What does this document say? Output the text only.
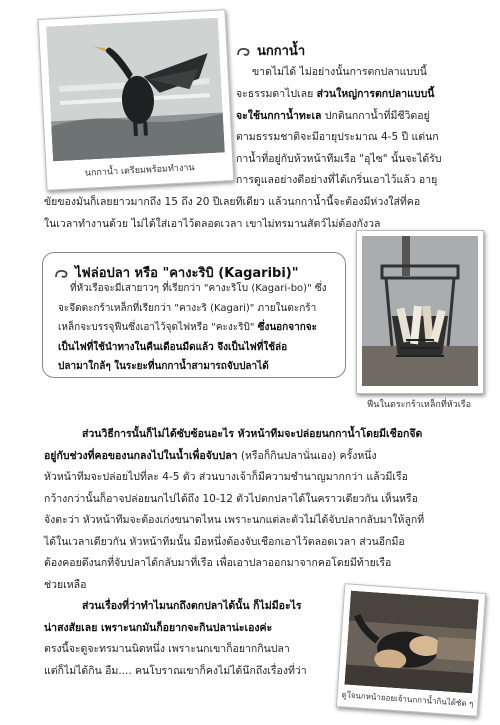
นกกาน้ำ เตรียมพร้อมทำงาน
นกกาน้ำ
ขาดไม่ได้ ไม่อย่างนั้นการตกปลาแบบนี้
จะธรรมดาไปเลย ส่วนใหญ่การตกปลาแบบนี้
จะใช้นกกาน้ำทะเล ปกตินกกาน้ำที่มีชีวิตอยู่
ตามธรรมชาติจะมีอายุประมาณ 4-5 ปี แต่นก
กาน้ำที่อยู่กับห้วหน้าทีมเรือ "อุไซ" นั้นจะได้รับ
การดูแลอย่างดีอย่างที่ได้เกริ่นเอาไว้แล้ว อายุ
ขัยของมันก็เลยยาวมากถึง 15 ถึง 20 ปีเลยทีเดียว แล้วนกกาน้ำนี้จะต้องมีห่วงใส่ที่คอ
ในเวลาทำงานด้วย ไม่ได้ใส่เอาไว้ตลอดเวลา เขาไม่ทรมานสัตว์ไม่ต้องกังวล
ไฟล่อปลา หรือ "คางะริบิ (Kagaribi)"
ที่หัวเรือจะมีเสายาวๆ ที่เรียกว่า "คางะริโบ (Kagari-bo)" ซึ่ง
จะจึดตะกร้าเหล็กที่เรียกว่า "คางะริ (Kagari)" ภายในตะกร้า
เหล็กจะบรรจุฟืนซึ่งเอาไว้จุดไฟหรือ "คะงะริบิ" ซึ่งนอกจากจะ
เป็นไฟที่ใช้นำทางในคืนเดือนมืดแล้ว จึงเป็นไฟที่ใช้ล่อ
ปลามาใกล้ๆ ในระยะที่นกกาน้ำสามารถจับปลาได้
ฟืนในตระกร้าเหล็กที่หัวเรือ
ส่วนวิธีการนั้นก็ไม่ได้ซับซ้อนอะไร หัวหน้าทีมจะปล่อยนกกาน้ำโดยมีเชือกจึด
อยู่กับช่วงที่คอของนกลงไปในน้ำเพื่อจับปลา (หรือก็กินปลานั่นเอง) ครั้งหนึ่ง
หัวหน้าทีมจะปล่อยไปที่ละ 4-5 ตัว ส่วนบางเจ้าก็มีความชำนาญมากกว่า แล้วมีเรือ
กว้างกว่านั้นก็อาจปล่อยนกไปได้ถึง 10-12 ตัวไปตกปลาได้ในคราวเดียวกัน เห็นหรือ
จังตะว่า หัวหน้าทีมจะต้องเก่งขนาดไหน เพราะนกแต่ละตัวไม่ได้จับปลากลับมาให้ลูกที่
ได้ในเวลาเดียวกัน หัวหน้าทีมนั้น มือหนึ่งต้องจับเชือกเอาไว้ตลอดเวลา ส่วนอีกมือ
ต้องคอยดึงนกที่จับปลาได้กลับมาที่เรือ เพื่อเอาปลาออกมาจากคอโดยมีท้ายเรือ
ช่วยเหลือ
ส่วนเรื่องที่ว่าทำไมนกถึงตกปลาได้นั้น ก็ไม่มีอะไร
น่าสงสัยเลย เพราะนกมันก็อยากจะกินปลาน่ะเองค่ะ
ตรงนี้จะดูจะทรมานนิดหนึ่ง เพราะนกเขาก็อยากกินปลา
แต่ก็ไม่ได้กิน อืม.... คนโบราณเขาก็คงไม่ได้นึกถึงเรื่องที่ว่า
ดูใจนกหน้ายอยเจ้านกกาน้ำกินได้ชัด ๆ
